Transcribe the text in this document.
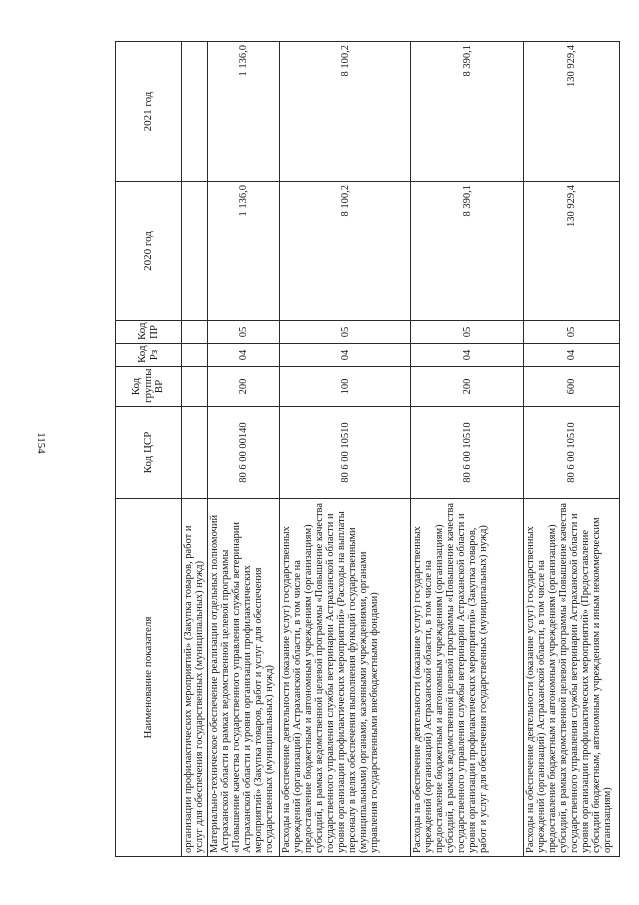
1154
Наименование показателя	Код ЦСР	Код группы ВР	Код Рз	Код ПР	2020 год	2021 год
организации профилактических мероприятий» (Закупка товаров, работ и услуг для обеспечения государственных (муниципальных) нужд)						
Материально-техническое обеспечение реализации отдельных полномочий Астраханской области в рамках ведомственной целевой программы «Повышение качества государственного управления службы ветеринарии Астраханской области и уровня организации профилактических мероприятий» (Закупка товаров, работ и услуг для обеспечения государственных (муниципальных) нужд)	80 6 00 00140	200	04	05	1 136,0	1 136,0
Расходы на обеспечение деятельности (оказание услуг) государственных учреждений (организаций) Астраханской области, в том числе на предоставление бюджетным и автономным учреждениям (организациям) субсидий, в рамках ведомственной целевой программы «Повышение качества государственного управления службы ветеринарии Астраханской области и уровня организации профилактических мероприятий» (Расходы на выплаты персоналу в целях обеспечения выполнения функций государственными (муниципальными) органами, казенными учреждениями, органами управления государственными внебюджетными фондами)	80 6 00 10510	100	04	05	8 100,2	8 100,2
Расходы на обеспечение деятельности (оказание услуг) государственных учреждений (организаций) Астраханской области, в том числе на предоставление бюджетным и автономным учреждениям (организациям) субсидий, в рамках ведомственной целевой программы «Повышение качества государственного управления службы ветеринарии Астраханской области и уровня организации профилактических мероприятий» (Закупка товаров, работ и услуг для обеспечения государственных (муниципальных) нужд)	80 6 00 10510	200	04	05	8 390,1	8 390,1
Расходы на обеспечение деятельности (оказание услуг) государственных учреждений (организаций) Астраханской области, в том числе на предоставление бюджетным и автономным учреждениям (организациям) субсидий, в рамках ведомственной целевой программы «Повышение качества государственного управления службы ветеринарии Астраханской области и уровня организации профилактических мероприятий» (Предоставление субсидий бюджетным, автономным учреждениям и иным некоммерческим организациям)	80 6 00 10510	600	04	05	130 929,4	130 929,4
